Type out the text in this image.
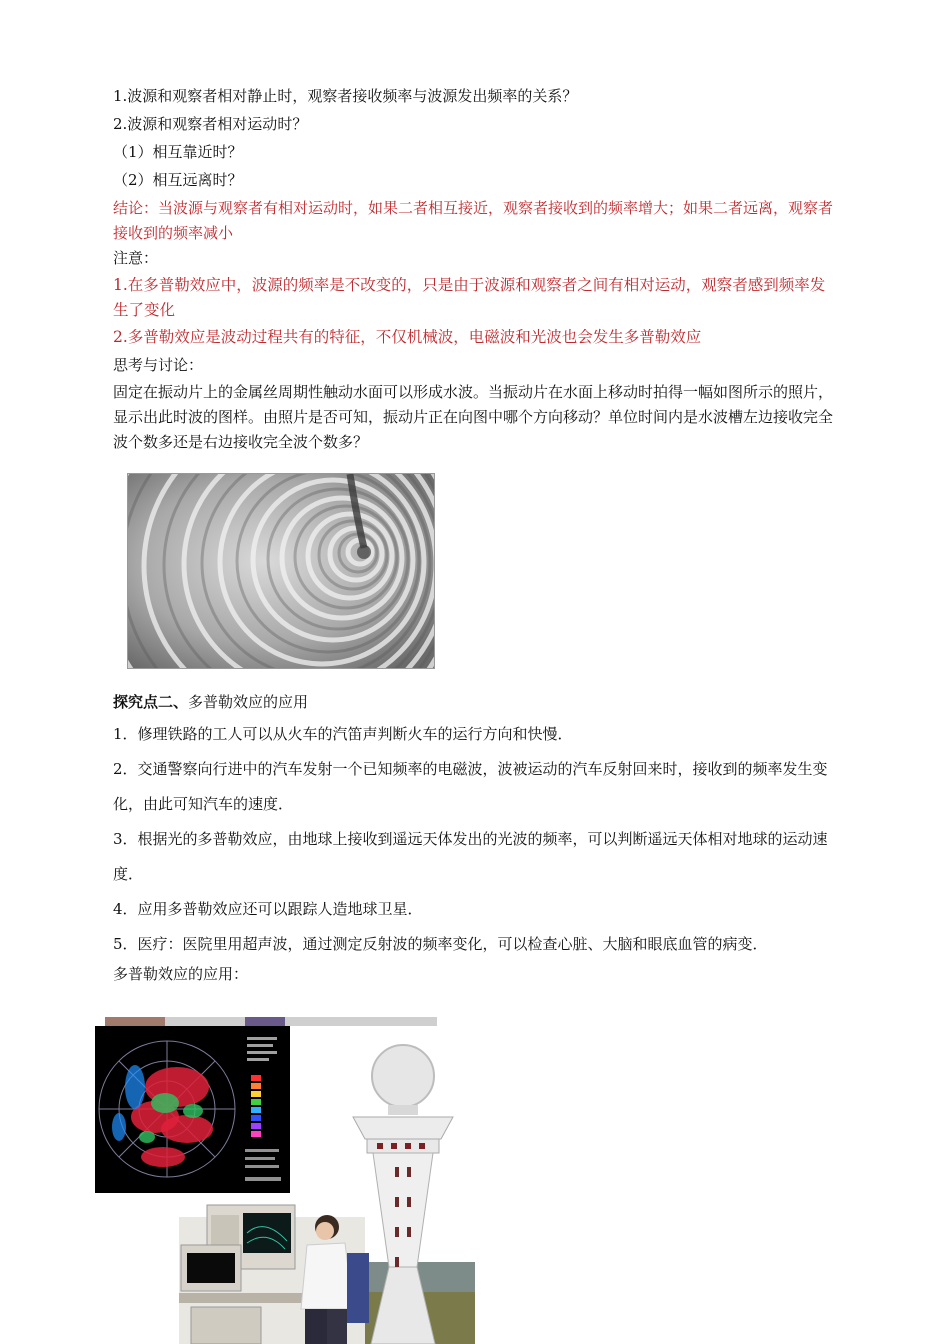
1.波源和观察者相对静止时，观察者接收频率与波源发出频率的关系？

2.波源和观察者相对运动时？

（1）相互靠近时？

（2）相互远离时？

结论：当波源与观察者有相对运动时，如果二者相互接近，观察者接收到的频率增大；如果二者远离，观察者接收到的频率减小

注意：

1.在多普勒效应中，波源的频率是不改变的，只是由于波源和观察者之间有相对运动，观察者感到频率发生了变化

2.多普勒效应是波动过程共有的特征，不仅机械波，电磁波和光波也会发生多普勒效应

思考与讨论：

固定在振动片上的金属丝周期性触动水面可以形成水波。当振动片在水面上移动时拍得一幅如图所示的照片，显示出此时波的图样。由照片是否可知，振动片正在向图中哪个方向移动？单位时间内是水波槽左边接收完全波个数多还是右边接收完全波个数多？

探究点二、多普勒效应的应用

1．修理铁路的工人可以从火车的汽笛声判断火车的运行方向和快慢．

2．交通警察向行进中的汽车发射一个已知频率的电磁波，波被运动的汽车反射回来时，接收到的频率发生变化，由此可知汽车的速度．

3．根据光的多普勒效应，由地球上接收到遥远天体发出的光波的频率，可以判断遥远天体相对地球的运动速度．

4．应用多普勒效应还可以跟踪人造地球卫星．

5．医疗：医院里用超声波，通过测定反射波的频率变化，可以检查心脏、大脑和眼底血管的病变．

多普勒效应的应用：
